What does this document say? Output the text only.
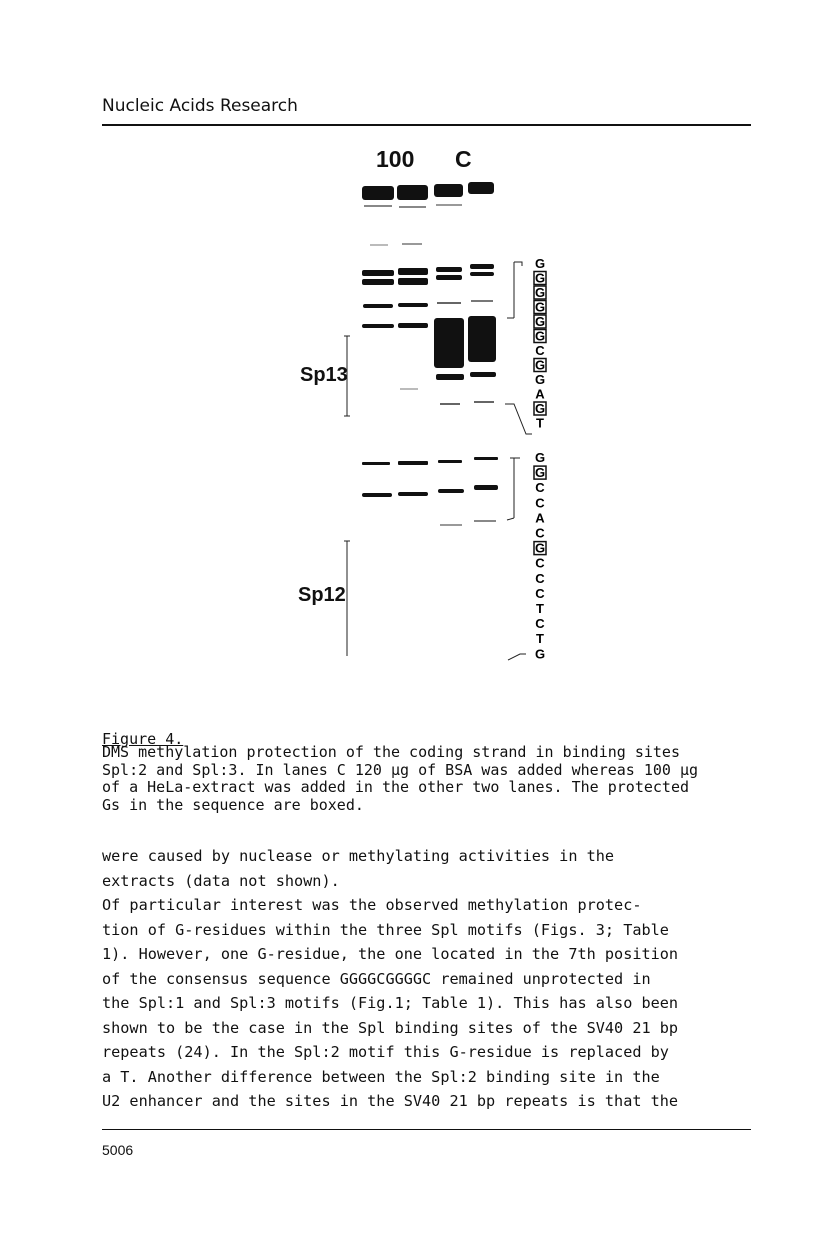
Nucleic Acids Research
100 C
Sp13
Sp12
G
G
G
G
G
G
C
G
G
A
G
T
G
G
C
C
A
C
G
C
C
C
T
C
T
G
Figure 4.
DMS methylation protection of the coding strand in binding sites
Spl:2 and Spl:3. In lanes C 120 µg of BSA was added whereas 100 µg
of a HeLa-extract was added in the other two lanes. The protected
Gs in the sequence are boxed.
were caused by nuclease or methylating activities in the
extracts (data not shown).
Of particular interest was the observed methylation protec-
tion of G-residues within the three Spl motifs (Figs. 3; Table
1). However, one G-residue, the one located in the 7th position
of the consensus sequence GGGGCGGGGC remained unprotected in
the Spl:1 and Spl:3 motifs (Fig.1; Table 1). This has also been
shown to be the case in the Spl binding sites of the SV40 21 bp
repeats (24). In the Spl:2 motif this G-residue is replaced by
a T. Another difference between the Spl:2 binding site in the
U2 enhancer and the sites in the SV40 21 bp repeats is that the
5006
